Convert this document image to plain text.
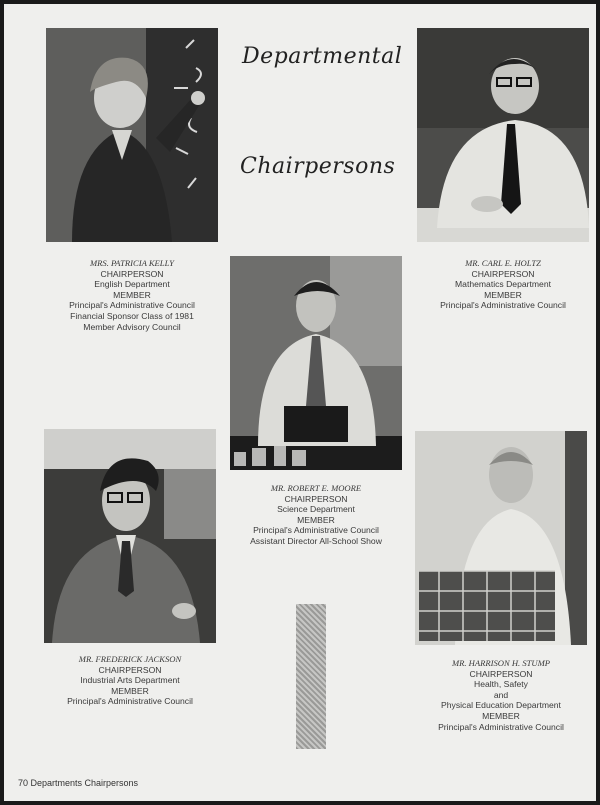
Departmental
Chairpersons
MRS. PATRICIA KELLY
CHAIRPERSON
English Department
MEMBER
Principal's Administrative Council
Financial Sponsor Class of 1981
Member Advisory Council
MR. CARL E. HOLTZ
CHAIRPERSON
Mathematics Department
MEMBER
Principal's Administrative Council
MR. ROBERT E. MOORE
CHAIRPERSON
Science Department
MEMBER
Principal's Administrative Council
Assistant Director All-School Show
MR. FREDERICK JACKSON
CHAIRPERSON
Industrial Arts Department
MEMBER
Principal's Administrative Council
MR. HARRISON H. STUMP
CHAIRPERSON
Health, Safety
and
Physical Education Department
MEMBER
Principal's Administrative Council
70 Departments Chairpersons
